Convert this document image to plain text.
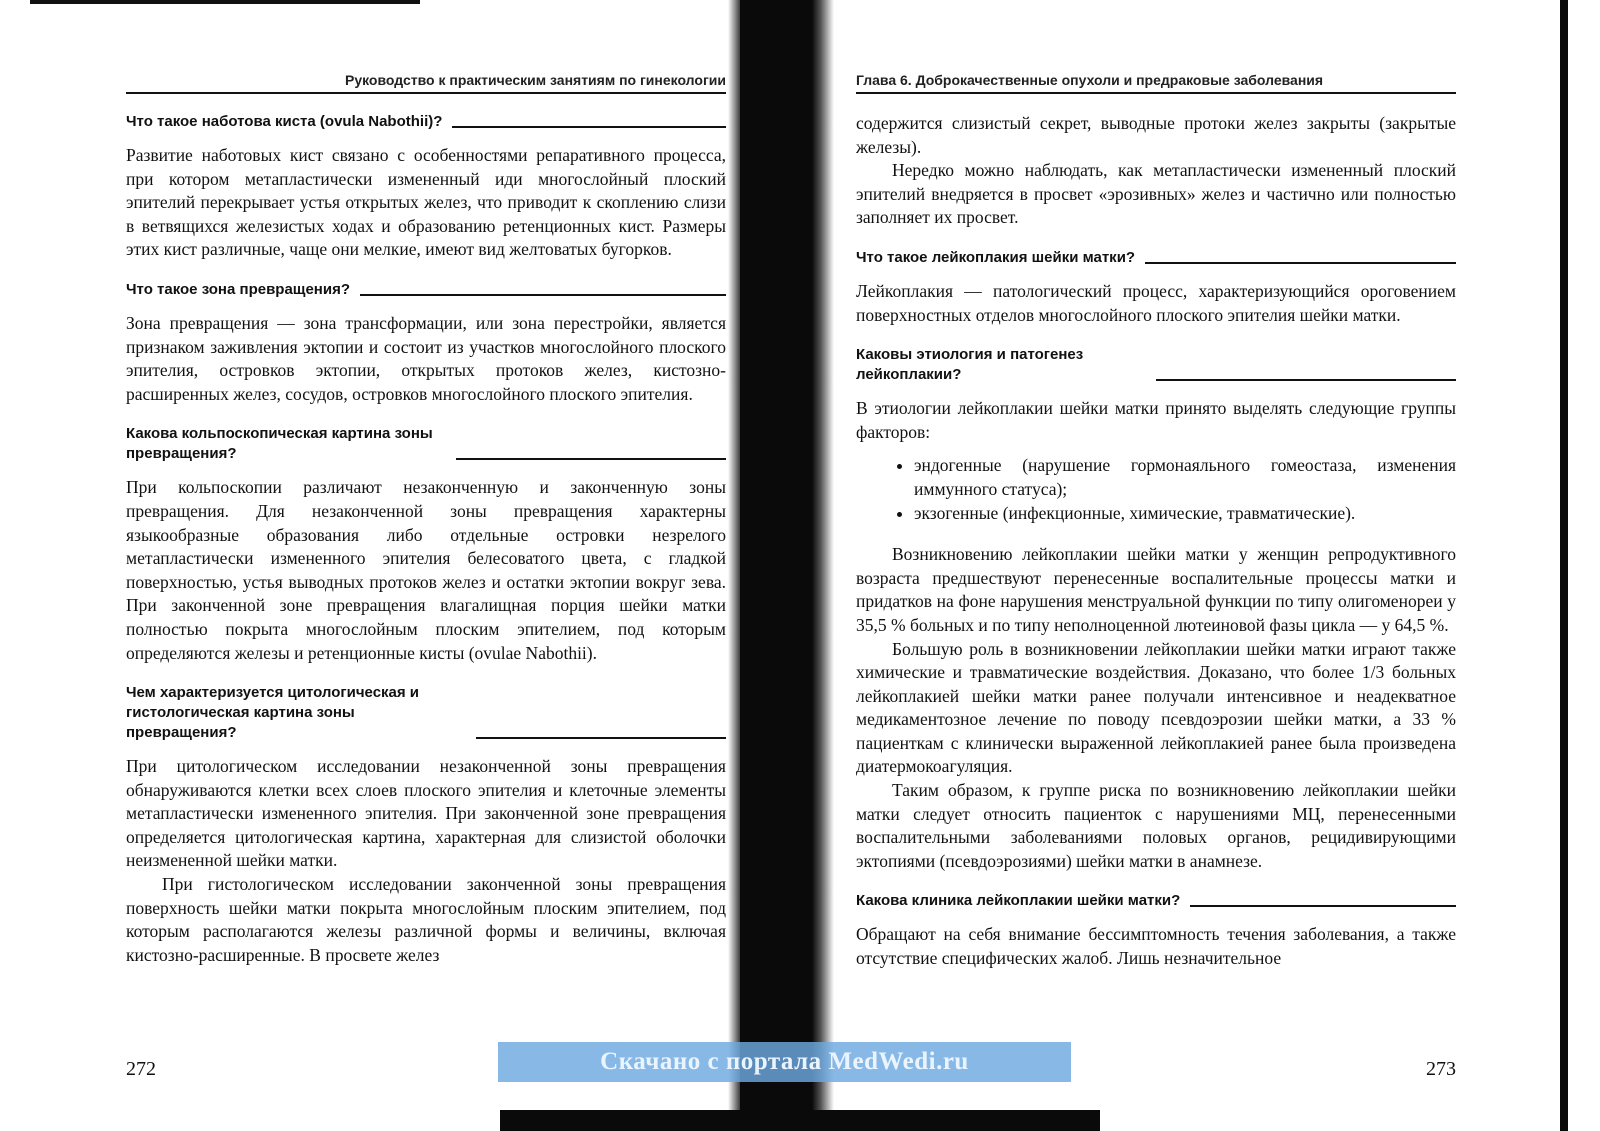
Руководство к практическим занятиям по гинекологии
Что такое наботова киста (ovula Nabothii)?

Развитие наботовых кист связано с особенностями репаративного процесса, при котором метапластически измененный иди многослойный плоский эпителий перекрывает устья открытых желез, что приводит к скоплению слизи в ветвящихся железистых ходах и образованию ретенционных кист. Размеры этих кист различные, чаще они мелкие, имеют вид желтоватых бугорков.

Что такое зона превращения?

Зона превращения — зона трансформации, или зона перестройки, является признаком заживления эктопии и состоит из участков многослойного плоского эпителия, островков эктопии, открытых протоков желез, кистозно-расширенных желез, сосудов, островков многослойного плоского эпителия.

Какова кольпоскопическая картина зоны превращения?

При кольпоскопии различают незаконченную и законченную зоны превращения. Для незаконченной зоны превращения характерны языкообразные образования либо отдельные островки незрелого метапластически измененного эпителия белесоватого цвета, с гладкой поверхностью, устья выводных протоков желез и остатки эктопии вокруг зева. При законченной зоне превращения влагалищная порция шейки матки полностью покрыта многослойным плоским эпителием, под которым определяются железы и ретенционные кисты (ovulae Nabothii).

Чем характеризуется цитологическая и гистологическая картина зоны превращения?

При цитологическом исследовании незаконченной зоны превращения обнаруживаются клетки всех слоев плоского эпителия и клеточные элементы метапластически измененного эпителия. При законченной зоне превращения определяется цитологическая картина, характерная для слизистой оболочки неизмененной шейки матки.

При гистологическом исследовании законченной зоны превращения поверхность шейки матки покрыта многослойным плоским эпителием, под которым располагаются железы различной формы и величины, включая кистозно-расширенные. В просвете желез

272
Глава 6. Доброкачественные опухоли и предраковые заболевания

содержится слизистый секрет, выводные протоки желез закрыты (закрытые железы).

Нередко можно наблюдать, как метапластически измененный плоский эпителий внедряется в просвет «эрозивных» желез и частично или полностью заполняет их просвет.

Что такое лейкоплакия шейки матки?

Лейкоплакия — патологический процесс, характеризующийся ороговением поверхностных отделов многослойного плоского эпителия шейки матки.

Каковы этиология и патогенез лейкоплакии?

В этиологии лейкоплакии шейки матки принято выделять следующие группы факторов:

• эндогенные (нарушение гормонаяльного гомеостаза, изменения иммунного статуса);
• экзогенные (инфекционные, химические, травматические).

Возникновению лейкоплакии шейки матки у женщин репродуктивного возраста предшествуют перенесенные воспалительные процессы матки и придатков на фоне нарушения менструальной функции по типу олигоменореи у 35,5 % больных и по типу неполноценной лютеиновой фазы цикла — у 64,5 %.

Большую роль в возникновении лейкоплакии шейки матки играют также химические и травматические воздействия. Доказано, что более 1/3 больных лейкоплакией шейки матки ранее получали интенсивное и неадекватное медикаментозное лечение по поводу псевдоэрозии шейки матки, а 33 % пациенткам с клинически выраженной лейкоплакией ранее была произведена диатермокоагуляция.

Таким образом, к группе риска по возникновению лейкоплакии шейки матки следует относить пациенток с нарушениями МЦ, перенесенными воспалительными заболеваниями половых органов, рецидивирующими эктопиями (псевдоэрозиями) шейки матки в анамнезе.

Какова клиника лейкоплакии шейки матки?

Обращают на себя внимание бессимптомность течения заболевания, а также отсутствие специфических жалоб. Лишь незначительное

273
Скачано с портала MedWedi.ru
